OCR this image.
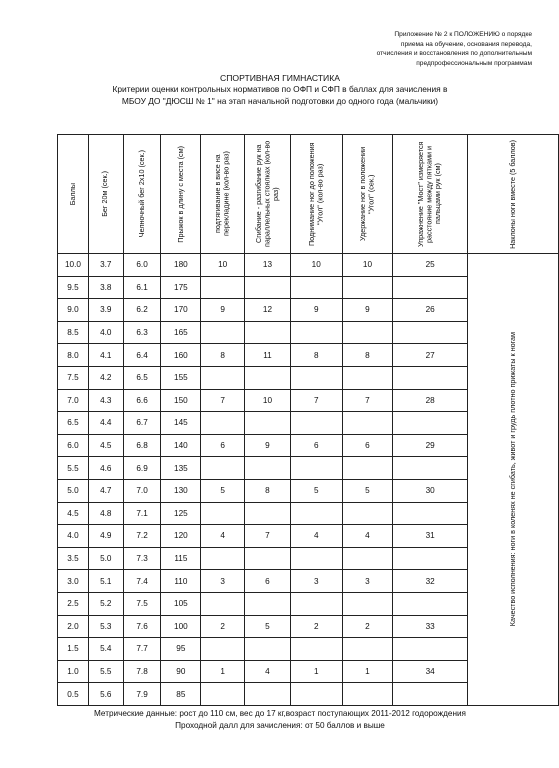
Приложение № 2 к ПОЛОЖЕНИЮ о порядке
приема на обучение, основания перевода,
отчисления и восстановления по дополнительным
предпрофессиональным программам
СПОРТИВНАЯ ГИМНАСТИКА
Критерии оценки контрольных нормативов по ОФП и СФП в баллах для зачисления в МБОУ ДО "ДЮСШ № 1" на этап начальной подготовки до одного года (мальчики)
Баллы	Бег 20м (сек.)	Челночный бег 2х10 (сек.)	Прыжок в длину с места (см)	подтягивание в висе на перекладине (кол-во раз)	Сгибание - разгибание рук на параллельных стоялках (кол-во раз)	Поднимание ног до положения "Угол" (кол-во раз)	Удержание ног в положении "Угол" (сек.)	Упражнение "Мост" измеряется расстояние между пятками и пальцами рук (см)	Наклоны ноги вместе (5 баллов)

10.0	3.7	6.0	180	10	13	10	10	25	Качество исполнения: ноги в коленях не сгибать, живот и грудь плотно прижаты к ногам

9.5	3.8	6.1	175						
9.0	3.9	6.2	170	9	12	9	9	26	
8.5	4.0	6.3	165						
8.0	4.1	6.4	160	8	11	8	8	27	
7.5	4.2	6.5	155						
7.0	4.3	6.6	150	7	10	7	7	28	
6.5	4.4	6.7	145						
6.0	4.5	6.8	140	6	9	6	6	29	
5.5	4.6	6.9	135						
5.0	4.7	7.0	130	5	8	5	5	30	
4.5	4.8	7.1	125						
4.0	4.9	7.2	120	4	7	4	4	31	
3.5	5.0	7.3	115						
3.0	5.1	7.4	110	3	6	3	3	32	
2.5	5.2	7.5	105						
2.0	5.3	7.6	100	2	5	2	2	33	
1.5	5.4	7.7	95						
1.0	5.5	7.8	90	1	4	1	1	34	
0.5	5.6	7.9	85						
Метрические данные: рост до 110 см, вес до 17 кг,возраст поступающих 2011-2012 годорождения
Проходной далл для зачисления: от 50 баллов и выше
